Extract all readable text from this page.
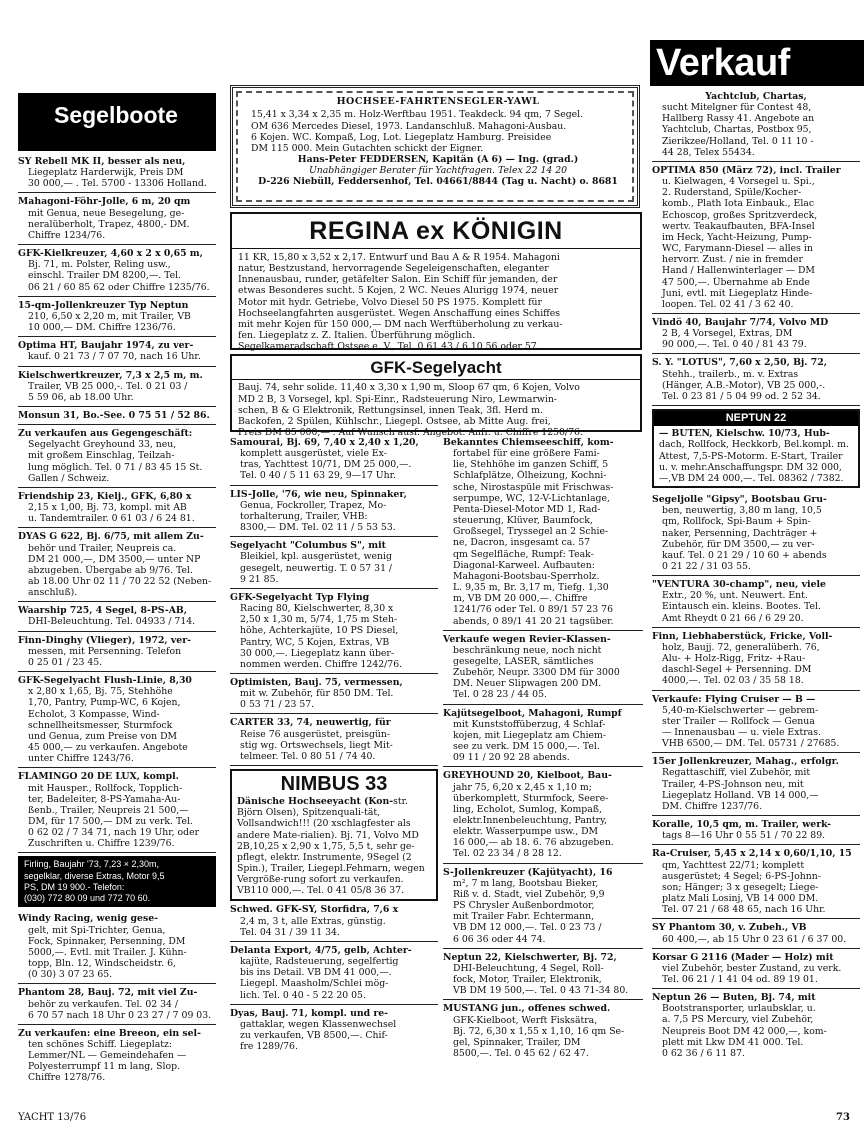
Verkauf
Segelboote
HOCHSEE-FAHRTENSEGLER-YAWL
15,41 x 3,34 x 2,35 m. Holz-Werftbau 1951. Teakdeck. 94 qm, 7 Segel.
OM 636 Mercedes Diesel, 1973. Landanschluß. Mahagoni-Ausbau.
6 Kojen. WC. Kompaß, Log, Lot. Liegeplatz Hamburg. Preisidee
DM 115 000. Mein Gutachten schickt der Eigner.
Hans-Peter FEDDERSEN, Kapitän (A 6) — Ing. (grad.)
Unabhängiger Berater für Yachtfragen. Telex 22 14 20
D-226 Niebüll, Feddersenhof, Tel. 04661/8844 (Tag u. Nacht) o. 8681
REGINA ex KÖNIGIN
11 KR, 15,80 x 3,52 x 2,17. Entwurf und Bau A & R 1954. Mahagoni
natur, Bestzustand, hervorragende Segeleigenschaften, eleganter
Innenausbau, runder, getäfelter Salon. Ein Schiff für jemanden, der
etwas Besonderes sucht. 5 Kojen, 2 WC. Neues Alurigg 1974, neuer
Motor mit hydr. Getriebe, Volvo Diesel 50 PS 1975. Komplett für
Hochseelangfahrten ausgerüstet. Wegen Anschaffung eines Schiffes
mit mehr Kojen für 150 000,— DM nach Werftüberholung zu verkau-
fen. Liegeplatz z. Z. Italien. Überführung möglich.
Segelkameradschaft Ostsee e. V., Tel. 0 61 43 / 6 10 56 oder 57.
GFK-Segelyacht
Bauj. 74, sehr solide. 11,40 x 3,30 x 1,90 m, Sloop 67 qm, 6 Kojen, Volvo
MD 2 B, 3 Vorsegel, kpl. Spi-Einr., Radsteuerung Niro, Lewmarwin-
schen, B & G Elektronik, Rettungsinsel, innen Teak, 3fl. Herd m.
Backofen, 2 Spülen, Kühlschr., Liegepl. Ostsee, ab Mitte Aug. frei,
Preis DM 85 000,— . Auf Wunsch ausf. Angebot. Anfr. u. Chiffre 1250/76.
SY Rebell MK II, besser als neu,
Liegeplatz Harderwijk, Preis DM
30 000,— . Tel. 5700 - 13306 Holland.
Mahagoni-Föhr-Jolle, 6 m, 20 qm
mit Genua, neue Besegelung, ge-
neralüberholt, Trapez, 4800,- DM.
Chiffre 1234/76.
GFK-Kielkreuzer, 4,60 x 2 x 0,65 m,
Bj. 71, m. Polster, Reling usw.,
einschl. Trailer DM 8200,—. Tel.
06 21 / 60 85 62 oder Chiffre 1235/76.
15-qm-Jollenkreuzer Typ Neptun
210, 6,50 x 2,20 m, mit Trailer, VB
10 000,— DM. Chiffre 1236/76.
Optima HT, Baujahr 1974, zu ver-
kauf. 0 21 73 / 7 07 70, nach 16 Uhr.
Kielschwertkreuzer, 7,3 x 2,5 m, m.
Trailer, VB 25 000,-. Tel. 0 21 03 /
5 59 06, ab 18.00 Uhr.
Monsun 31, Bo.-See. 0 75 51 / 52 86.
Zu verkaufen aus Gegengeschäft:
Segelyacht Greyhound 33, neu,
mit großem Einschlag, Teilzah-
lung möglich. Tel. 0 71 / 83 45 15 St.
Gallen / Schweiz.
Friendship 23, Kielj., GFK, 6,80 x
2,15 x 1,00, Bj. 73, kompl. mit AB
u. Tandemtrailer. 0 61 03 / 6 24 81.
DYAS G 622, Bj. 6/75, mit allem Zu-
behör und Trailer, Neupreis ca.
DM 21 000,—, DM 3500,— unter NP
abzugeben. Übergabe ab 9/76. Tel.
ab 18.00 Uhr 02 11 / 70 22 52 (Neben-
anschluß).
Waarship 725, 4 Segel, 8-PS-AB,
DHI-Beleuchtung. Tel. 04933 / 714.
Finn-Dinghy (Vlieger), 1972, ver-
messen, mit Persenning. Telefon
0 25 01 / 23 45.
GFK-Segelyacht Flush-Linie, 8,30
x 2,80 x 1,65, Bj. 75, Stehhöhe
1,70, Pantry, Pump-WC, 6 Kojen,
Echolot, 3 Kompasse, Wind-
schnellheitsmesser, Sturmfock
und Genua, zum Preise von DM
45 000,— zu verkaufen. Angebote
unter Chiffre 1243/76.
FLAMINGO 20 DE LUX, kompl.
mit Hausper., Rollfock, Topplich-
ter, Badeleiter, 8-PS-Yamaha-Au-
ßenb., Trailer, Neupreis 21 500,—
DM, für 17 500,— DM zu verk. Tel.
0 62 02 / 7 34 71, nach 19 Uhr, oder
Zuschriften u. Chiffre 1239/76.
Firling, Baujahr '73, 7,23 × 2,30m,
segelklar, diverse Extras, Motor 9,5
PS, DM 19 900.- Telefon:
(030) 772 80 09 und 772 70 60.
Windy Racing, wenig gese-
gelt, mit Spi-Trichter, Genua,
Fock, Spinnaker, Persenning, DM
5000,—. Evtl. mit Trailer. J. Kühn-
topp, Bln. 12, Windscheidstr. 6,
(0 30) 3 07 23 65.
Phantom 28, Bauj. 72, mit viel Zu-
behör zu verkaufen. Tel. 02 34 /
6 70 57 nach 18 Uhr 0 23 27 / 7 09 03.
Zu verkaufen: eine Breeon, ein sel-
ten schönes Schiff. Liegeplatz:
Lemmer/NL — Gemeindehafen —
Polyesterrumpf 11 m lang, Slop.
Chiffre 1278/76.
Samourai, Bj. 69, 7,40 x 2,40 x 1,20,
komplett ausgerüstet, viele Ex-
tras, Yachttest 10/71, DM 25 000,—.
Tel. 0 40 / 5 11 63 29, 9—17 Uhr.
LIS-Jolle, '76, wie neu, Spinnaker,
Genua, Fockroller, Trapez, Mo-
torhalterung, Trailer, VHB:
8300,— DM. Tel. 02 11 / 5 53 53.
Segelyacht "Columbus S", mit
Bleikiel, kpl. ausgerüstet, wenig
gesegelt, neuwertig. T. 0 57 31 /
9 21 85.
GFK-Segelyacht Typ Flying
Racing 80, Kielschwerter, 8,30 x
2,50 x 1,30 m, 5/74, 1,75 m Steh-
höhe, Achterkajüte, 10 PS Diesel,
Pantry, WC, 5 Kojen, Extras, VB
30 000,—. Liegeplatz kann über-
nommen werden. Chiffre 1242/76.
Optimisten, Bauj. 75, vermessen,
mit w. Zubehör, für 850 DM. Tel.
0 53 71 / 23 57.
CARTER 33, 74, neuwertig, für
Reise 76 ausgerüstet, preisgün-
stig wg. Ortswechsels, liegt Mit-
telmeer. Tel. 0 80 51 / 74 40.
NIMBUS 33
Dänische Hochseeyacht (Kon-str. Björn Olsen), Spitzenquali-tät, Vollsandwich!!! (20 xschlagfester als andere Mate-rialien). Bj. 71, Volvo MD 2B,10,25 x 2,90 x 1,75, 5,5 t, sehr ge-pflegt, elektr. Instrumente, 9Segel (2 Spin.), Trailer, Liegepl.Fehmarn, wegen Vergröße-rung sofort zu verkaufen. VB110 000,—. Tel. 0 41 05/8 36 37.
Schwed. GFK-SY, Storfidra, 7,6 x
2,4 m, 3 t, alle Extras, günstig.
Tel. 04 31 / 39 11 34.
Delanta Export, 4/75, gelb, Achter-
kajüte, Radsteuerung, segelfertig
bis ins Detail. VB DM 41 000,—.
Liegepl. Maasholm/Schlei mög-
lich. Tel. 0 40 - 5 22 20 05.
Dyas, Bauj. 71, kompl. und re-
gattaklar, wegen Klassenwechsel
zu verkaufen, VB 8500,—. Chif-
fre 1289/76.
Bekanntes Chiemseeschiff, kom-
fortabel für eine größere Fami-
lie, Stehhöhe im ganzen Schiff, 5
Schlafplätze, Ölheizung, Kochni-
sche, Nirostaspüle mit Frischwas-
serpumpe, WC, 12-V-Lichtanlage,
Penta-Diesel-Motor MD 1, Rad-
steuerung, Klüver, Baumfock,
Großsegel, Tryssegel an 2 Schie-
ne, Dacron, insgesamt ca. 57
qm Segelfläche, Rumpf: Teak-
Diagonal-Karweel. Aufbauten:
Mahagoni-Bootsbau-Sperrholz.
L. 9,35 m, Br. 3,17 m, Tiefg. 1,30
m, VB DM 20 000,—. Chiffre
1241/76 oder Tel. 0 89/1 57 23 76
abends, 0 89/1 41 20 21 tagsüber.
Verkaufe wegen Revier-Klassen-
beschränkung neue, noch nicht
gesegelte, LASER, sämtliches
Zubehör, Neupr. 3300 DM für 3000
DM. Neuer Slipwagen 200 DM.
Tel. 0 28 23 / 44 05.
Kajütsegelboot, Mahagoni, Rumpf
mit Kunststoffüberzug, 4 Schlaf-
kojen, mit Liegeplatz am Chiem-
see zu verk. DM 15 000,—. Tel.
09 11 / 20 92 28 abends.
GREYHOUND 20, Kielboot, Bau-
jahr 75, 6,20 x 2,45 x 1,10 m;
überkomplett, Sturmfock, Seere-
ling, Echolot, Sumlog, Kompaß,
elektr.Innenbeleuchtung, Pantry,
elektr. Wasserpumpe usw., DM
16 000,— ab 18. 6. 76 abzugeben.
Tel. 02 23 34 / 8 28 12.
S-Jollenkreuzer (Kajütyacht), 16
m², 7 m lang, Bootsbau Bieker,
Riß v. d. Stadt, viel Zubehör, 9,9
PS Chrysler Außenbordmotor,
mit Trailer Fabr. Echtermann,
VB DM 12 000,—. Tel. 0 23 73 /
6 06 36 oder 44 74.
Neptun 22, Kielschwerter, Bj. 72,
DHI-Beleuchtung, 4 Segel, Roll-
fock, Motor, Trailer, Elektronik,
VB DM 19 500,—. Tel. 0 43 71-34 80.
MUSTANG jun., offenes schwed.
GFK-Kielboot, Werft Fisksätra,
Bj. 72, 6,30 x 1,55 x 1,10, 16 qm Se-
gel, Spinnaker, Trailer, DM
8500,—. Tel. 0 45 62 / 62 47.
Yachtclub, Chartas,
sucht Mitelgner für Contest 48,
Hallberg Rassy 41. Angebote an
Yachtclub, Chartas, Postbox 95,
Zierikzee/Holland, Tel. 0 11 10 -
44 28, Telex 55434.
OPTIMA 850 (März 72), incl. Trailer
u. Kielwagen, 4 Vorsegel u. Spi.,
2. Ruderstand, Spüle/Kocher-
komb., Plath Iota Einbauk., Elac
Echoscop, großes Spritzverdeck,
wertv. Teakaufbauten, BFA-Insel
im Heck, Yacht-Heizung, Pump-
WC, Farymann-Diesel — alles in
hervorr. Zust. / nie in fremder
Hand / Hallenwinterlager — DM
47 500,—. Übernahme ab Ende
Juni, evtl. mit Liegeplatz Hinde-
loopen. Tel. 02 41 / 3 62 40.
Vindö 40, Baujahr 7/74, Volvo MD
2 B, 4 Vorsegel, Extras, DM
90 000,—. Tel. 0 40 / 81 43 79.
S. Y. "LOTUS", 7,60 x 2,50, Bj. 72,
Stehh., trailerb., m. v. Extras
(Hänger, A.B.-Motor), VB 25 000,-.
Tel. 0 23 81 / 5 04 99 od. 2 52 34.
NEPTUN 22
— BUTEN, Kielschw. 10/73, Hub-dach, Rollfock, Heckkorb, Bel.kompl. m. Attest, 7,5-PS-Motorm. E-Start, Trailer u. v. mehr.Anschaffungspr. DM 32 000,—,VB DM 24 000,—. Tel. 08362 / 7382.
Segeljolle "Gipsy", Bootsbau Gru-
ben, neuwertig, 3,80 m lang, 10,5
qm, Rollfock, Spi-Baum + Spin-
naker, Persenning, Dachträger +
Zubehör, für DM 3500,— zu ver-
kauf. Tel. 0 21 29 / 10 60 + abends
0 21 22 / 31 03 55.
"VENTURA 30-champ", neu, viele
Extr., 20 %, unt. Neuwert. Ent.
Eintausch ein. kleins. Bootes. Tel.
Amt Rheydt 0 21 66 / 6 29 20.
Finn, Liebhaberstück, Fricke, Voll-
holz, Baujj. 72, generalüberh. 76,
Alu- + Holz-Rigg, Fritz- +Rau-
daschl-Segel + Persenning. DM
4000,—. Tel. 02 03 / 35 58 18.
Verkaufe: Flying Cruiser — B —
5,40-m-Kielschwerter — gebrem-
ster Trailer — Rollfock — Genua
— Innenausbau — u. viele Extras.
VHB 6500,— DM. Tel. 05731 / 27685.
15er Jollenkreuzer, Mahag., erfolgr.
Regattaschiff, viel Zubehör, mit
Trailer, 4-PS-Johnson neu, mit
Liegeplatz Holland. VB 14 000,—
DM. Chiffre 1237/76.
Koralle, 10,5 qm, m. Trailer, werk-
tags 8—16 Uhr 0 55 51 / 70 22 89.
Ra-Cruiser, 5,45 x 2,14 x 0,60/1,10, 15
qm, Yachttest 22/71; komplett
ausgerüstet; 4 Segel; 6-PS-Johnn-
son; Hänger; 3 x gesegelt; Liege-
platz Mali Losinj, VB 14 000 DM.
Tel. 07 21 / 68 48 65, nach 16 Uhr.
SY Phantom 30, v. Zubeh., VB
60 400,—, ab 15 Uhr 0 23 61 / 6 37 00.
Korsar G 2116 (Mader — Holz) mit
viel Zubehör, bester Zustand, zu verk.
Tel. 06 21 / 1 41 04 od. 89 19 01.
Neptun 26 — Buten, Bj. 74, mit
Bootstransporter, urlaubsklar, u.
a. 7,5 PS Mercury, viel Zubehör,
Neupreis Boot DM 42 000,—, kom-
plett mit Lkw DM 41 000. Tel.
0 62 36 / 6 11 87.
YACHT 13/76	73
